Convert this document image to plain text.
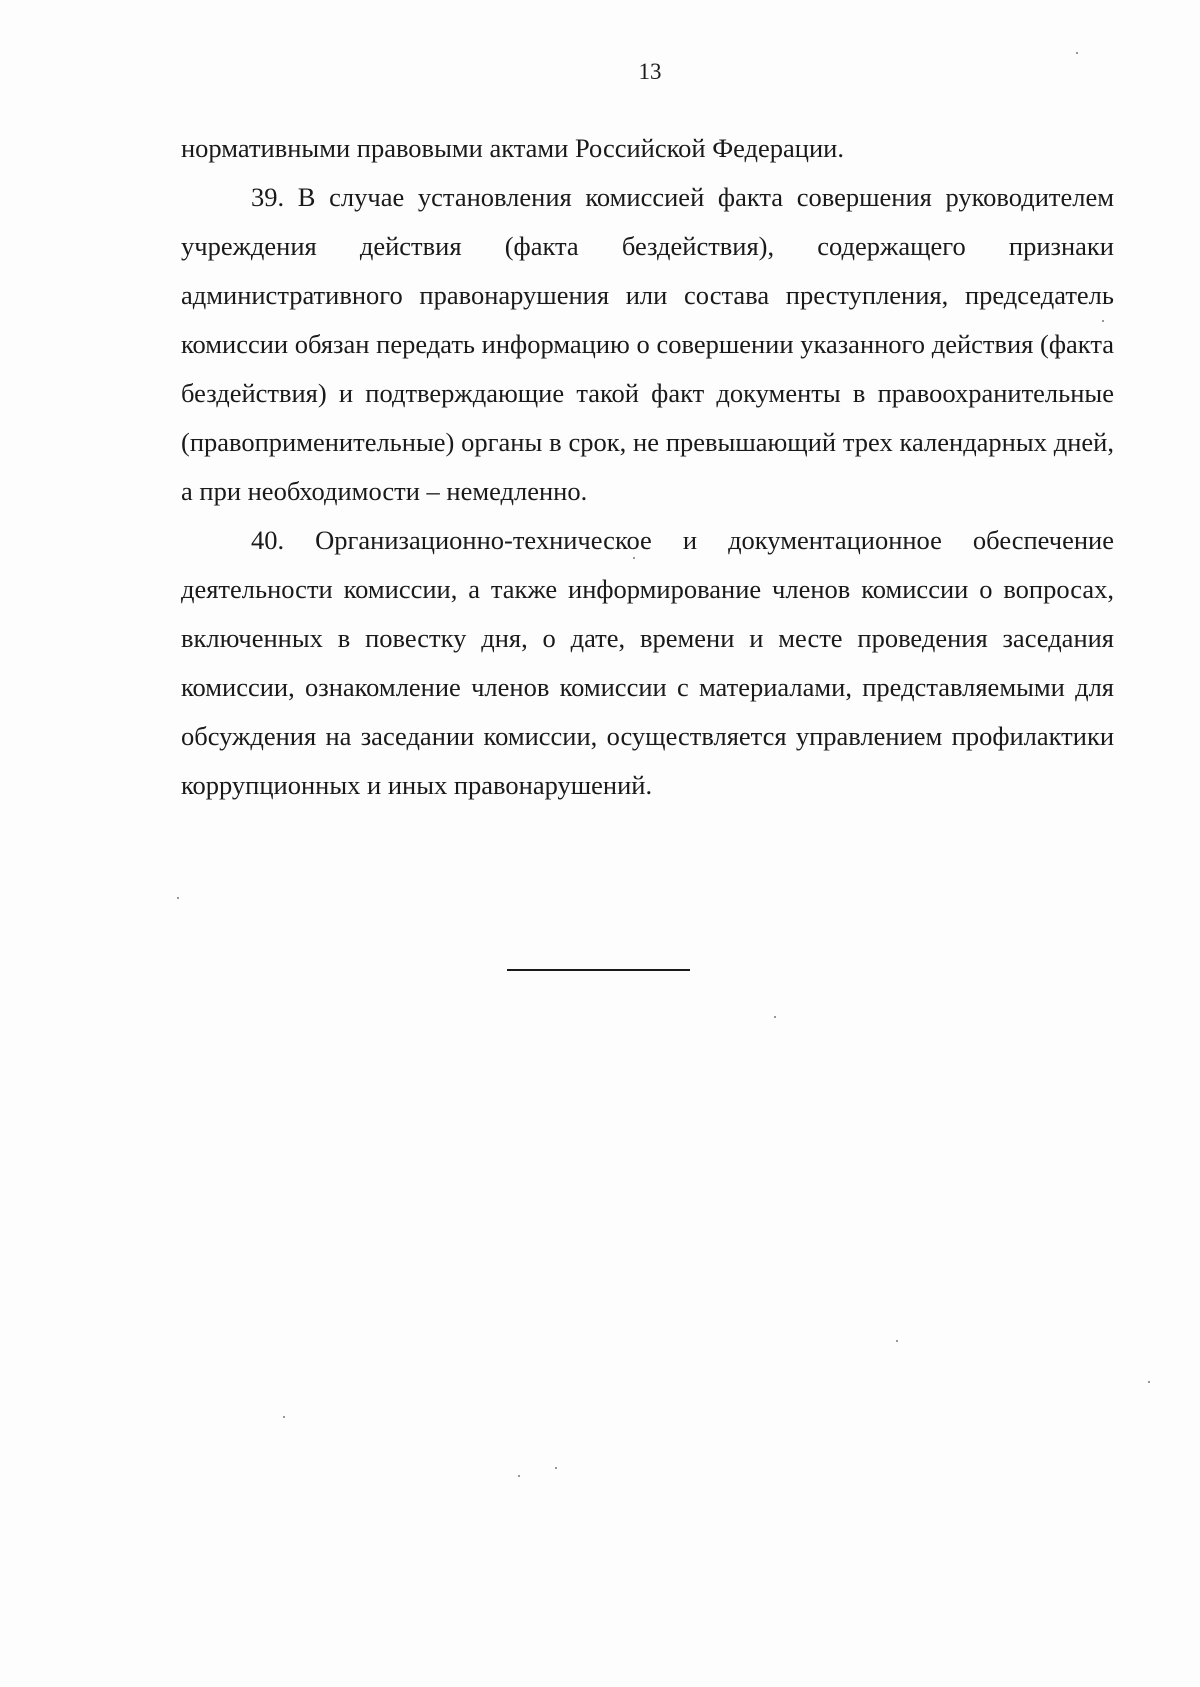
13

нормативными правовыми актами Российской Федерации.

39. В случае установления комиссией факта совершения руководителем учреждения действия (факта бездействия), содержащего признаки административного правонарушения или состава преступления, председатель комиссии обязан передать информацию о совершении указанного действия (факта бездействия) и подтверждающие такой факт документы в правоохранительные (правоприменительные) органы в срок, не превышающий трех календарных дней, а при необходимости – немедленно.

40. Организационно-техническое и документационное обеспечение деятельности комиссии, а также информирование членов комиссии о вопросах, включенных в повестку дня, о дате, времени и месте проведения заседания комиссии, ознакомление членов комиссии с материалами, представляемыми для обсуждения на заседании комиссии, осуществляется управлением профилактики коррупционных и иных правонарушений.
